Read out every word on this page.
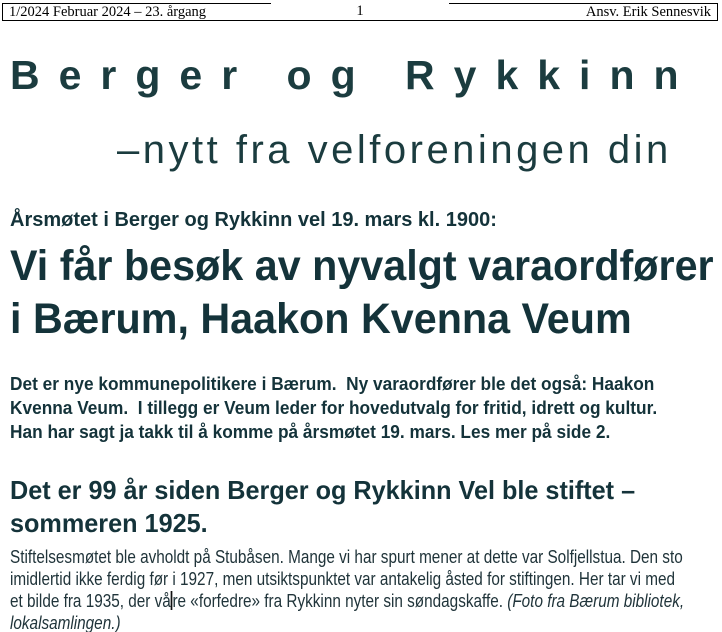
1/2024 Februar 2024 – 23. årgang	1	Ansv. Erik Sennesvik
Berger og Rykkinn
–nytt fra velforeningen din
Årsmøtet i Berger og Rykkinn vel 19. mars kl. 1900:
Vi får besøk av nyvalgt varaordfører
i Bærum, Haakon Kvenna Veum
Det er nye kommunepolitikere i Bærum.  Ny varaordfører ble det også: Haakon
Kvenna Veum.  I tillegg er Veum leder for hovedutvalg for fritid, idrett og kultur.
Han har sagt ja takk til å komme på årsmøtet 19. mars. Les mer på side 2.
Det er 99 år siden Berger og Rykkinn Vel ble stiftet –
sommeren 1925.
Stiftelsesmøtet ble avholdt på Stubåsen. Mange vi har spurt mener at dette var Solfjellstua. Den sto
imidlertid ikke ferdig før i 1927, men utsiktspunktet var antakelig åsted for stiftingen. Her tar vi med
et bilde fra 1935, der våre «forfedre» fra Rykkinn nyter sin søndagskaffe. (Foto fra Bærum bibliotek,
lokalsamlingen.)
